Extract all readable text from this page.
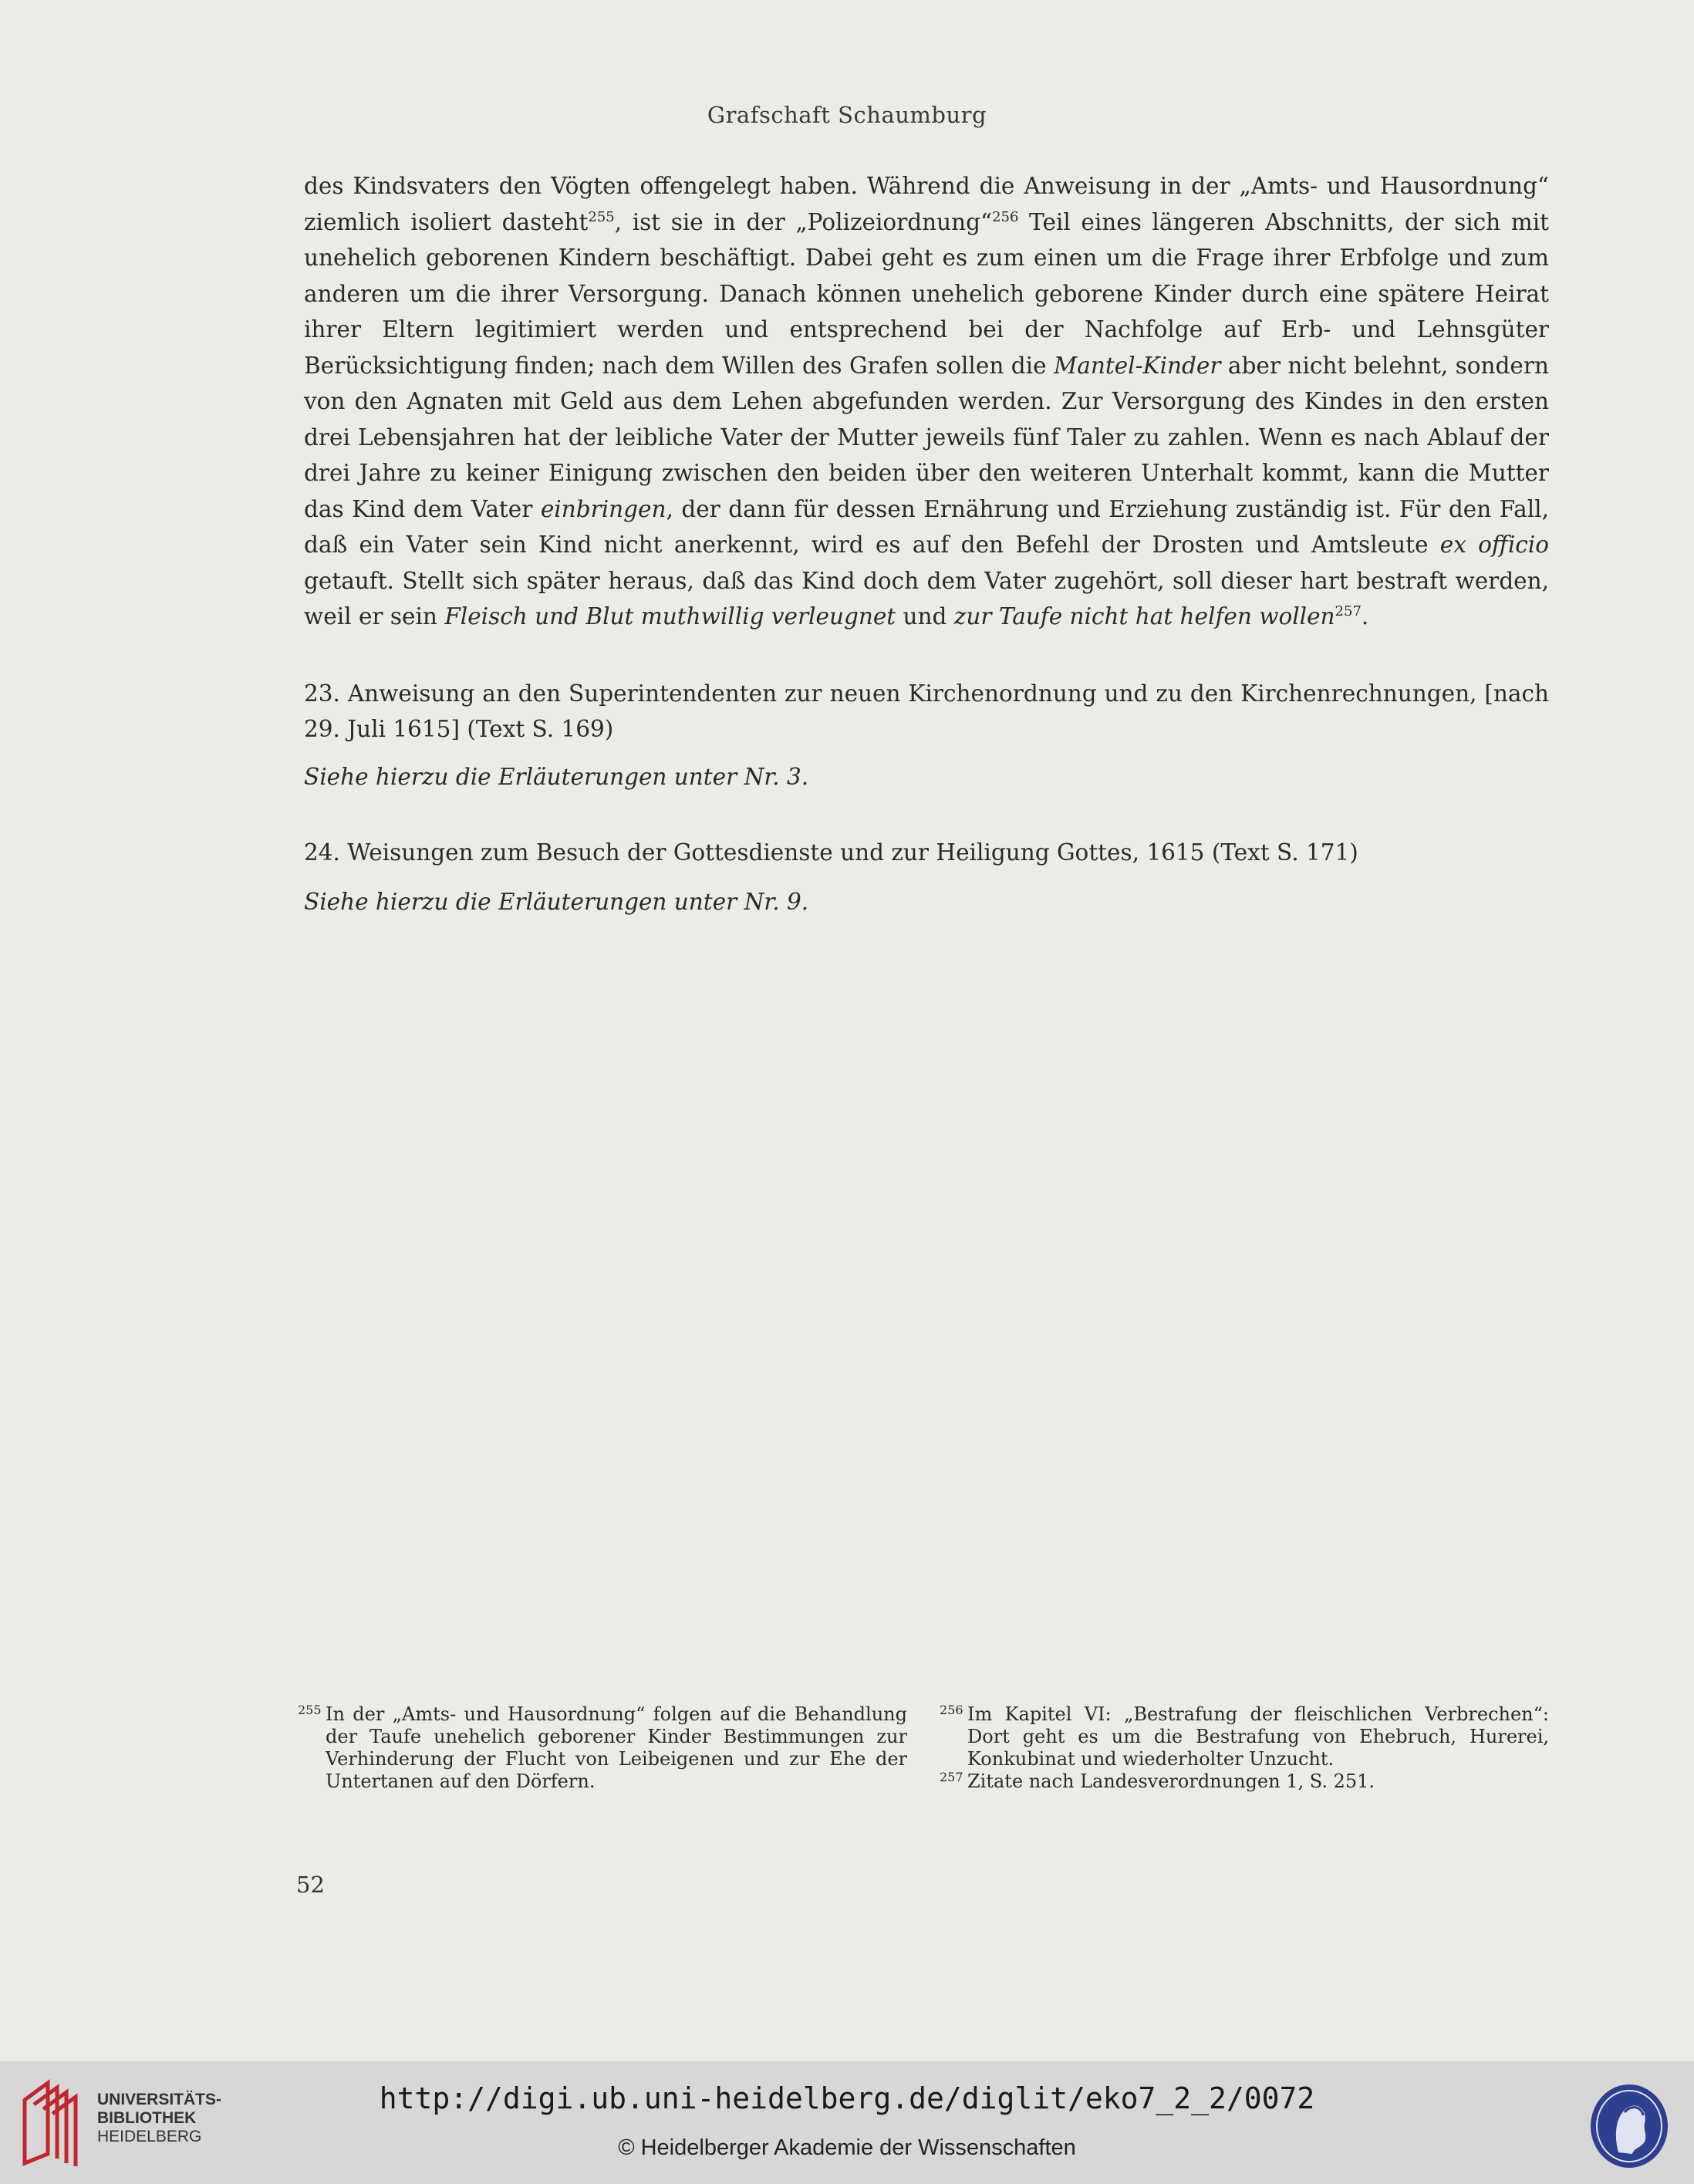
Grafschaft Schaumburg

des Kindsvaters den Vögten offengelegt haben. Während die Anweisung in der „Amts- und Hausordnung“ ziemlich isoliert dasteht$^{255}$, ist sie in der „Polizeiordnung“$^{256}$ Teil eines längeren Abschnitts, der sich mit unehelich geborenen Kindern beschäftigt. Dabei geht es zum einen um die Frage ihrer Erbfolge und zum anderen um die ihrer Versorgung. Danach können unehelich geborene Kinder durch eine spätere Heirat ihrer Eltern legitimiert werden und entsprechend bei der Nachfolge auf Erb- und Lehnsgüter Berücksichtigung finden; nach dem Willen des Grafen sollen die Mantel-Kinder aber nicht belehnt, sondern von den Agnaten mit Geld aus dem Lehen abgefunden werden. Zur Versorgung des Kindes in den ersten drei Lebensjahren hat der leibliche Vater der Mutter jeweils fünf Taler zu zahlen. Wenn es nach Ablauf der drei Jahre zu keiner Einigung zwischen den beiden über den weiteren Unterhalt kommt, kann die Mutter das Kind dem Vater einbringen, der dann für dessen Ernährung und Erziehung zuständig ist. Für den Fall, daß ein Vater sein Kind nicht anerkennt, wird es auf den Befehl der Drosten und Amtsleute ex officio getauft. Stellt sich später heraus, daß das Kind doch dem Vater zugehört, soll dieser hart bestraft werden, weil er sein Fleisch und Blut muthwillig verleugnet und zur Taufe nicht hat helfen wollen$^{257}$.

23. Anweisung an den Superintendenten zur neuen Kirchenordnung und zu den Kirchenrechnungen, [nach 29. Juli 1615] (Text S. 169)

Siehe hierzu die Erläuterungen unter Nr. 3.

24. Weisungen zum Besuch der Gottesdienste und zur Heiligung Gottes, 1615 (Text S. 171)

Siehe hierzu die Erläuterungen unter Nr. 9.
255 In der „Amts- und Hausordnung“ folgen auf die Behandlung der Taufe unehelich geborener Kinder Bestimmungen zur Verhinderung der Flucht von Leibeigenen und zur Ehe der Untertanen auf den Dörfern.
256 Im Kapitel VI: „Bestrafung der fleischlichen Verbrechen“: Dort geht es um die Bestrafung von Ehebruch, Hurerei, Konkubinat und wiederholter Unzucht.
257 Zitate nach Landesverordnungen 1, S. 251.
52
UNIVERSITÄTS-
BIBLIOTHEK
HEIDELBERG
http://digi.ub.uni-heidelberg.de/diglit/eko7_2_2/0072
© Heidelberger Akademie der Wissenschaften
